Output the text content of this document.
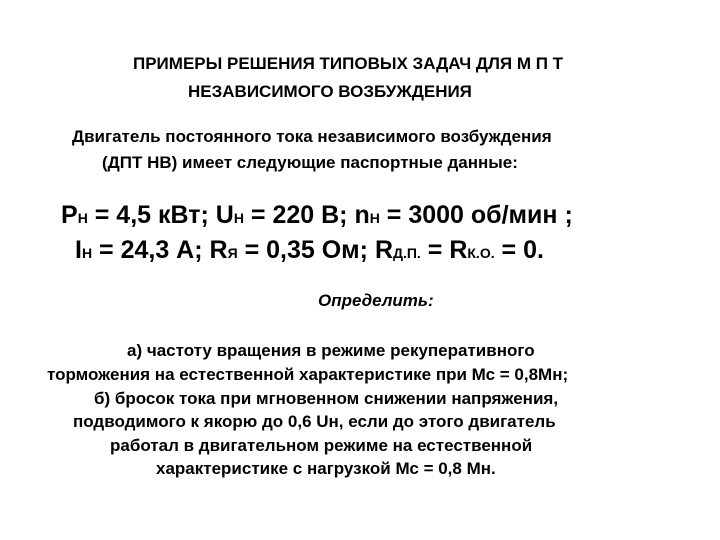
ПРИМЕРЫ РЕШЕНИЯ ТИПОВЫХ ЗАДАЧ ДЛЯ М П Т
НЕЗАВИСИМОГО ВОЗБУЖДЕНИЯ
Двигатель постоянного тока независимого возбуждения
(ДПТ НВ) имеет следующие паспортные данные:
PН = 4,5 кВт; UН = 220 В; nН = 3000 об/мин ;
IН = 24,3 А; RЯ = 0,35 Ом; RД.П. = RК.О. = 0.
Определить:
а) частоту вращения в режиме рекуперативного
торможения на естественной характеристике при Мс = 0,8Мн;
б) бросок тока при мгновенном снижении напряжения,
подводимого к якорю до 0,6 Uн, если до этого двигатель
работал в двигательном режиме на естественной
характеристике с нагрузкой Мс = 0,8 Мн.
